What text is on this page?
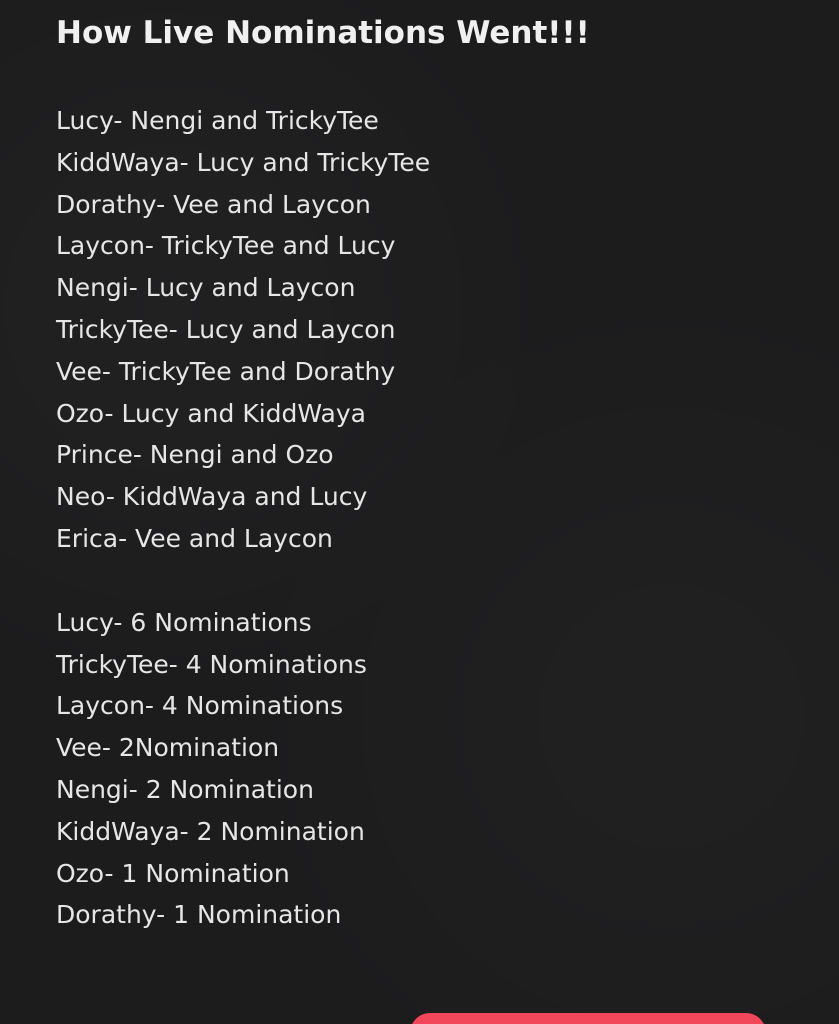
How Live Nominations Went!!!
Lucy- Nengi and TrickyTee
KiddWaya- Lucy and TrickyTee
Dorathy- Vee and Laycon
Laycon- TrickyTee and Lucy
Nengi- Lucy and Laycon
TrickyTee- Lucy and Laycon
Vee- TrickyTee and Dorathy
Ozo- Lucy and KiddWaya
Prince- Nengi and Ozo
Neo- KiddWaya and Lucy
Erica- Vee and Laycon
Lucy- 6 Nominations
TrickyTee- 4 Nominations
Laycon- 4 Nominations
Vee- 2Nomination
Nengi- 2 Nomination
KiddWaya- 2 Nomination
Ozo- 1 Nomination
Dorathy- 1 Nomination
